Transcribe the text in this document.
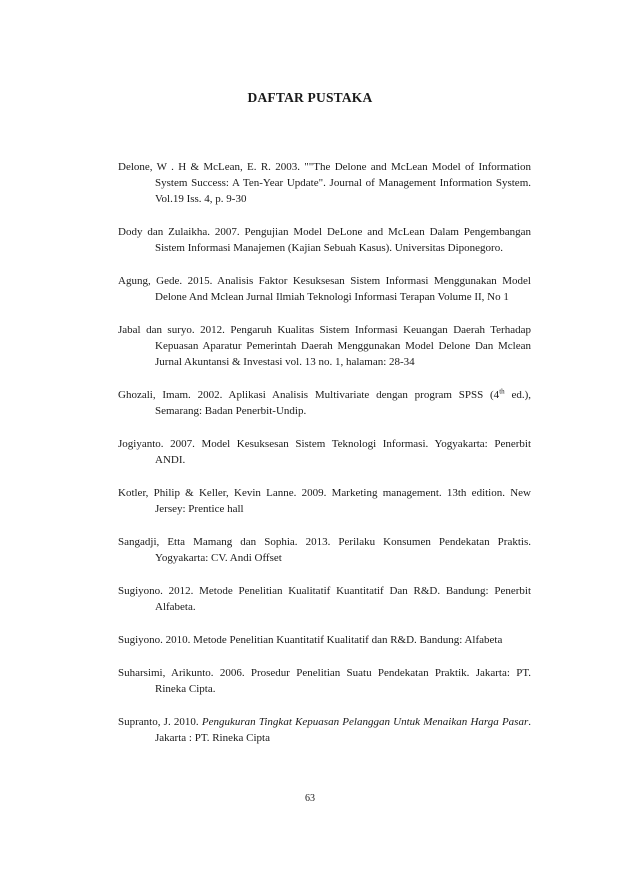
DAFTAR PUSTAKA

Delone, W . H & McLean, E. R. 2003. ""The Delone and McLean Model of Information System Success: A Ten-Year Update". Journal of Management Information System. Vol.19 Iss. 4, p. 9-30

Dody dan Zulaikha. 2007. Pengujian Model DeLone and McLean Dalam Pengembangan Sistem Informasi Manajemen (Kajian Sebuah Kasus). Universitas Diponegoro.

Agung, Gede. 2015. Analisis Faktor Kesuksesan Sistem Informasi Menggunakan Model Delone And Mclean Jurnal Ilmiah Teknologi Informasi Terapan Volume II, No 1

Jabal dan suryo. 2012. Pengaruh Kualitas Sistem Informasi Keuangan Daerah Terhadap Kepuasan Aparatur Pemerintah Daerah Menggunakan Model Delone Dan Mclean Jurnal Akuntansi & Investasi vol. 13 no. 1, halaman: 28-34

Ghozali, Imam. 2002. Aplikasi Analisis Multivariate dengan program SPSS (4th ed.), Semarang: Badan Penerbit-Undip.

Jogiyanto. 2007. Model Kesuksesan Sistem Teknologi Informasi. Yogyakarta: Penerbit ANDI.

Kotler, Philip & Keller, Kevin Lanne. 2009. Marketing management. 13th edition. New Jersey: Prentice hall

Sangadji, Etta Mamang dan Sophia. 2013. Perilaku Konsumen Pendekatan Praktis. Yogyakarta: CV. Andi Offset

Sugiyono. 2012. Metode Penelitian Kualitatif Kuantitatif Dan R&D. Bandung: Penerbit Alfabeta.

Sugiyono. 2010. Metode Penelitian Kuantitatif Kualitatif dan R&D. Bandung: Alfabeta

Suharsimi, Arikunto. 2006. Prosedur Penelitian Suatu Pendekatan Praktik. Jakarta: PT. Rineka Cipta.

Supranto, J. 2010. Pengukuran Tingkat Kepuasan Pelanggan Untuk Menaikan Harga Pasar. Jakarta : PT. Rineka Cipta

63
